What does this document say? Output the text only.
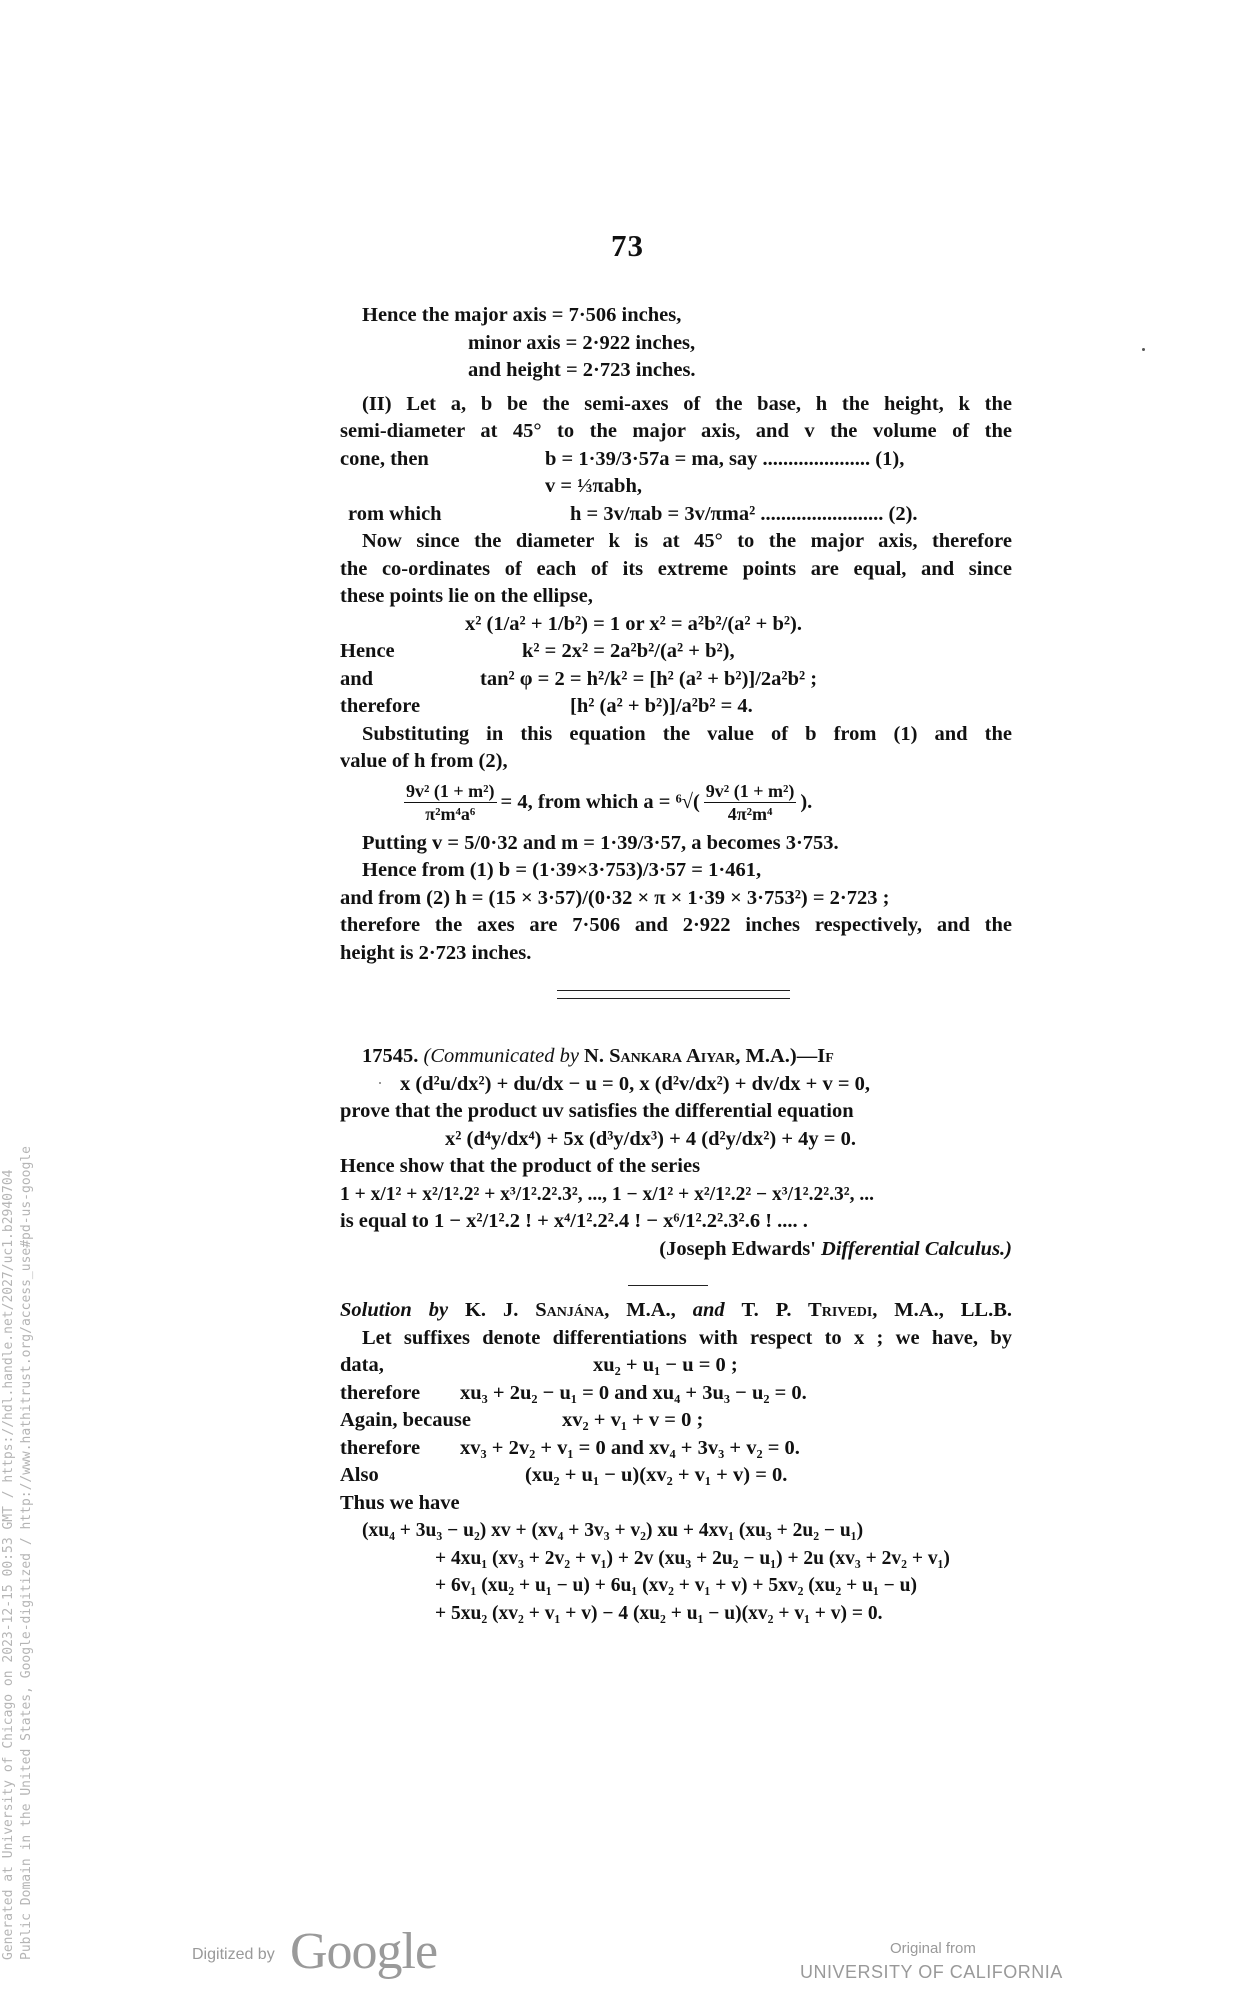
73
Hence the major axis = 7·506 inches,
minor axis = 2·922 inches,
and height = 2·723 inches.
(II) Let a, b be the semi-axes of the base, h the height, k the
semi-diameter at 45° to the major axis, and v the volume of the
cone, then	b = 1·39/3·57a = ma, say ..................... (1),
v = ⅓πabh,
rom which	h = 3v/πab = 3v/πma² ........................ (2).
Now since the diameter k is at 45° to the major axis, therefore
the co-ordinates of each of its extreme points are equal, and since
these points lie on the ellipse,
x² (1/a² + 1/b²) = 1 or x² = a²b²/(a² + b²).
Hence	k² = 2x² = 2a²b²/(a² + b²),
and	tan² φ = 2 = h²/k² = [h² (a² + b²)]/2a²b² ;
therefore	[h² (a² + b²)]/a²b² = 4.
Substituting in this equation the value of b from (1) and the
value of h from (2),
$\frac{\text{9v² (1 + m²)}}{\text{π²m⁴a⁶}} = 4$, from which $a = ^6√( \frac{\text{9v² (1 + m²)}}{\text{4π²m⁴}}$ ).
Putting v = 5/0·32 and m = 1·39/3·57, a becomes 3·753.
Hence from (1) b = (1·39×3·753)/3·57 = 1·461,
and from (2) h = (15 × 3·57)/(0·32 × π × 1·39 × 3·753²) = 2·723 ;
therefore the axes are 7·506 and 2·922 inches respectively, and the
height is 2·723 inches.
17545. (Communicated by N. Sankara Aiyar, M.A.)—If
x (d²u/dx²) + du/dx − u = 0, x (d²v/dx²) + dv/dx + v = 0,
prove that the product uv satisfies the differential equation
x² (d⁴y/dx⁴) + 5x (d³y/dx³) + 4 (d²y/dx²) + 4y = 0.
Hence show that the product of the series
1 + x/1² + x²/1².2² + x³/1².2².3², ..., 1 − x/1² + x²/1².2² − x³/1².2².3², ...
is equal to 1 − x²/1².2 ! + x⁴/1².2².4 ! − x⁶/1².2².3².6 ! .... .
(Joseph Edwards' Differential Calculus.)
Solution by K. J. Sanjána, M.A., and T. P. Trivedi, M.A., LL.B.
Let suffixes denote differentiations with respect to x ; we have, by
data,	xu₂ + u₁ − u = 0 ;
therefore xu₃ + 2u₂ − u₁ = 0 and xu₄ + 3u₃ − u₂ = 0.
Again, because	xv₂ + v₁ + v = 0 ;
therefore xv₃ + 2v₂ + v₁ = 0 and xv₄ + 3v₃ + v₂ = 0.
Also	(xu₂ + u₁ − u)(xv₂ + v₁ + v) = 0.
Thus we have
(xu₄ + 3u₃ − u₂) xv + (xv₄ + 3v₃ + v₂) xu + 4xv₁ (xu₃ + 2u₂ − u₁)
+ 4xu₁ (xv₃ + 2v₂ + v₁) + 2v (xu₃ + 2u₂ − u₁) + 2u (xv₃ + 2v₂ + v₁)
+ 6v₁ (xu₂ + u₁ − u) + 6u₁ (xv₂ + v₁ + v) + 5xv₂ (xu₂ + u₁ − u)
+ 5xu₂ (xv₂ + v₁ + v) − 4 (xu₂ + u₁ − u)(xv₂ + v₁ + v) = 0.
Generated at University of Chicago on 2023-12-15 00:53 GMT / https://hdl.handle.net/2027/uc1.b2940704 Public Domain in the United States, Google-digitized / http://www.hathitrust.org/access_use#pd-us-google	Digitized by Google	Original from
UNIVERSITY OF CALIFORNIA
